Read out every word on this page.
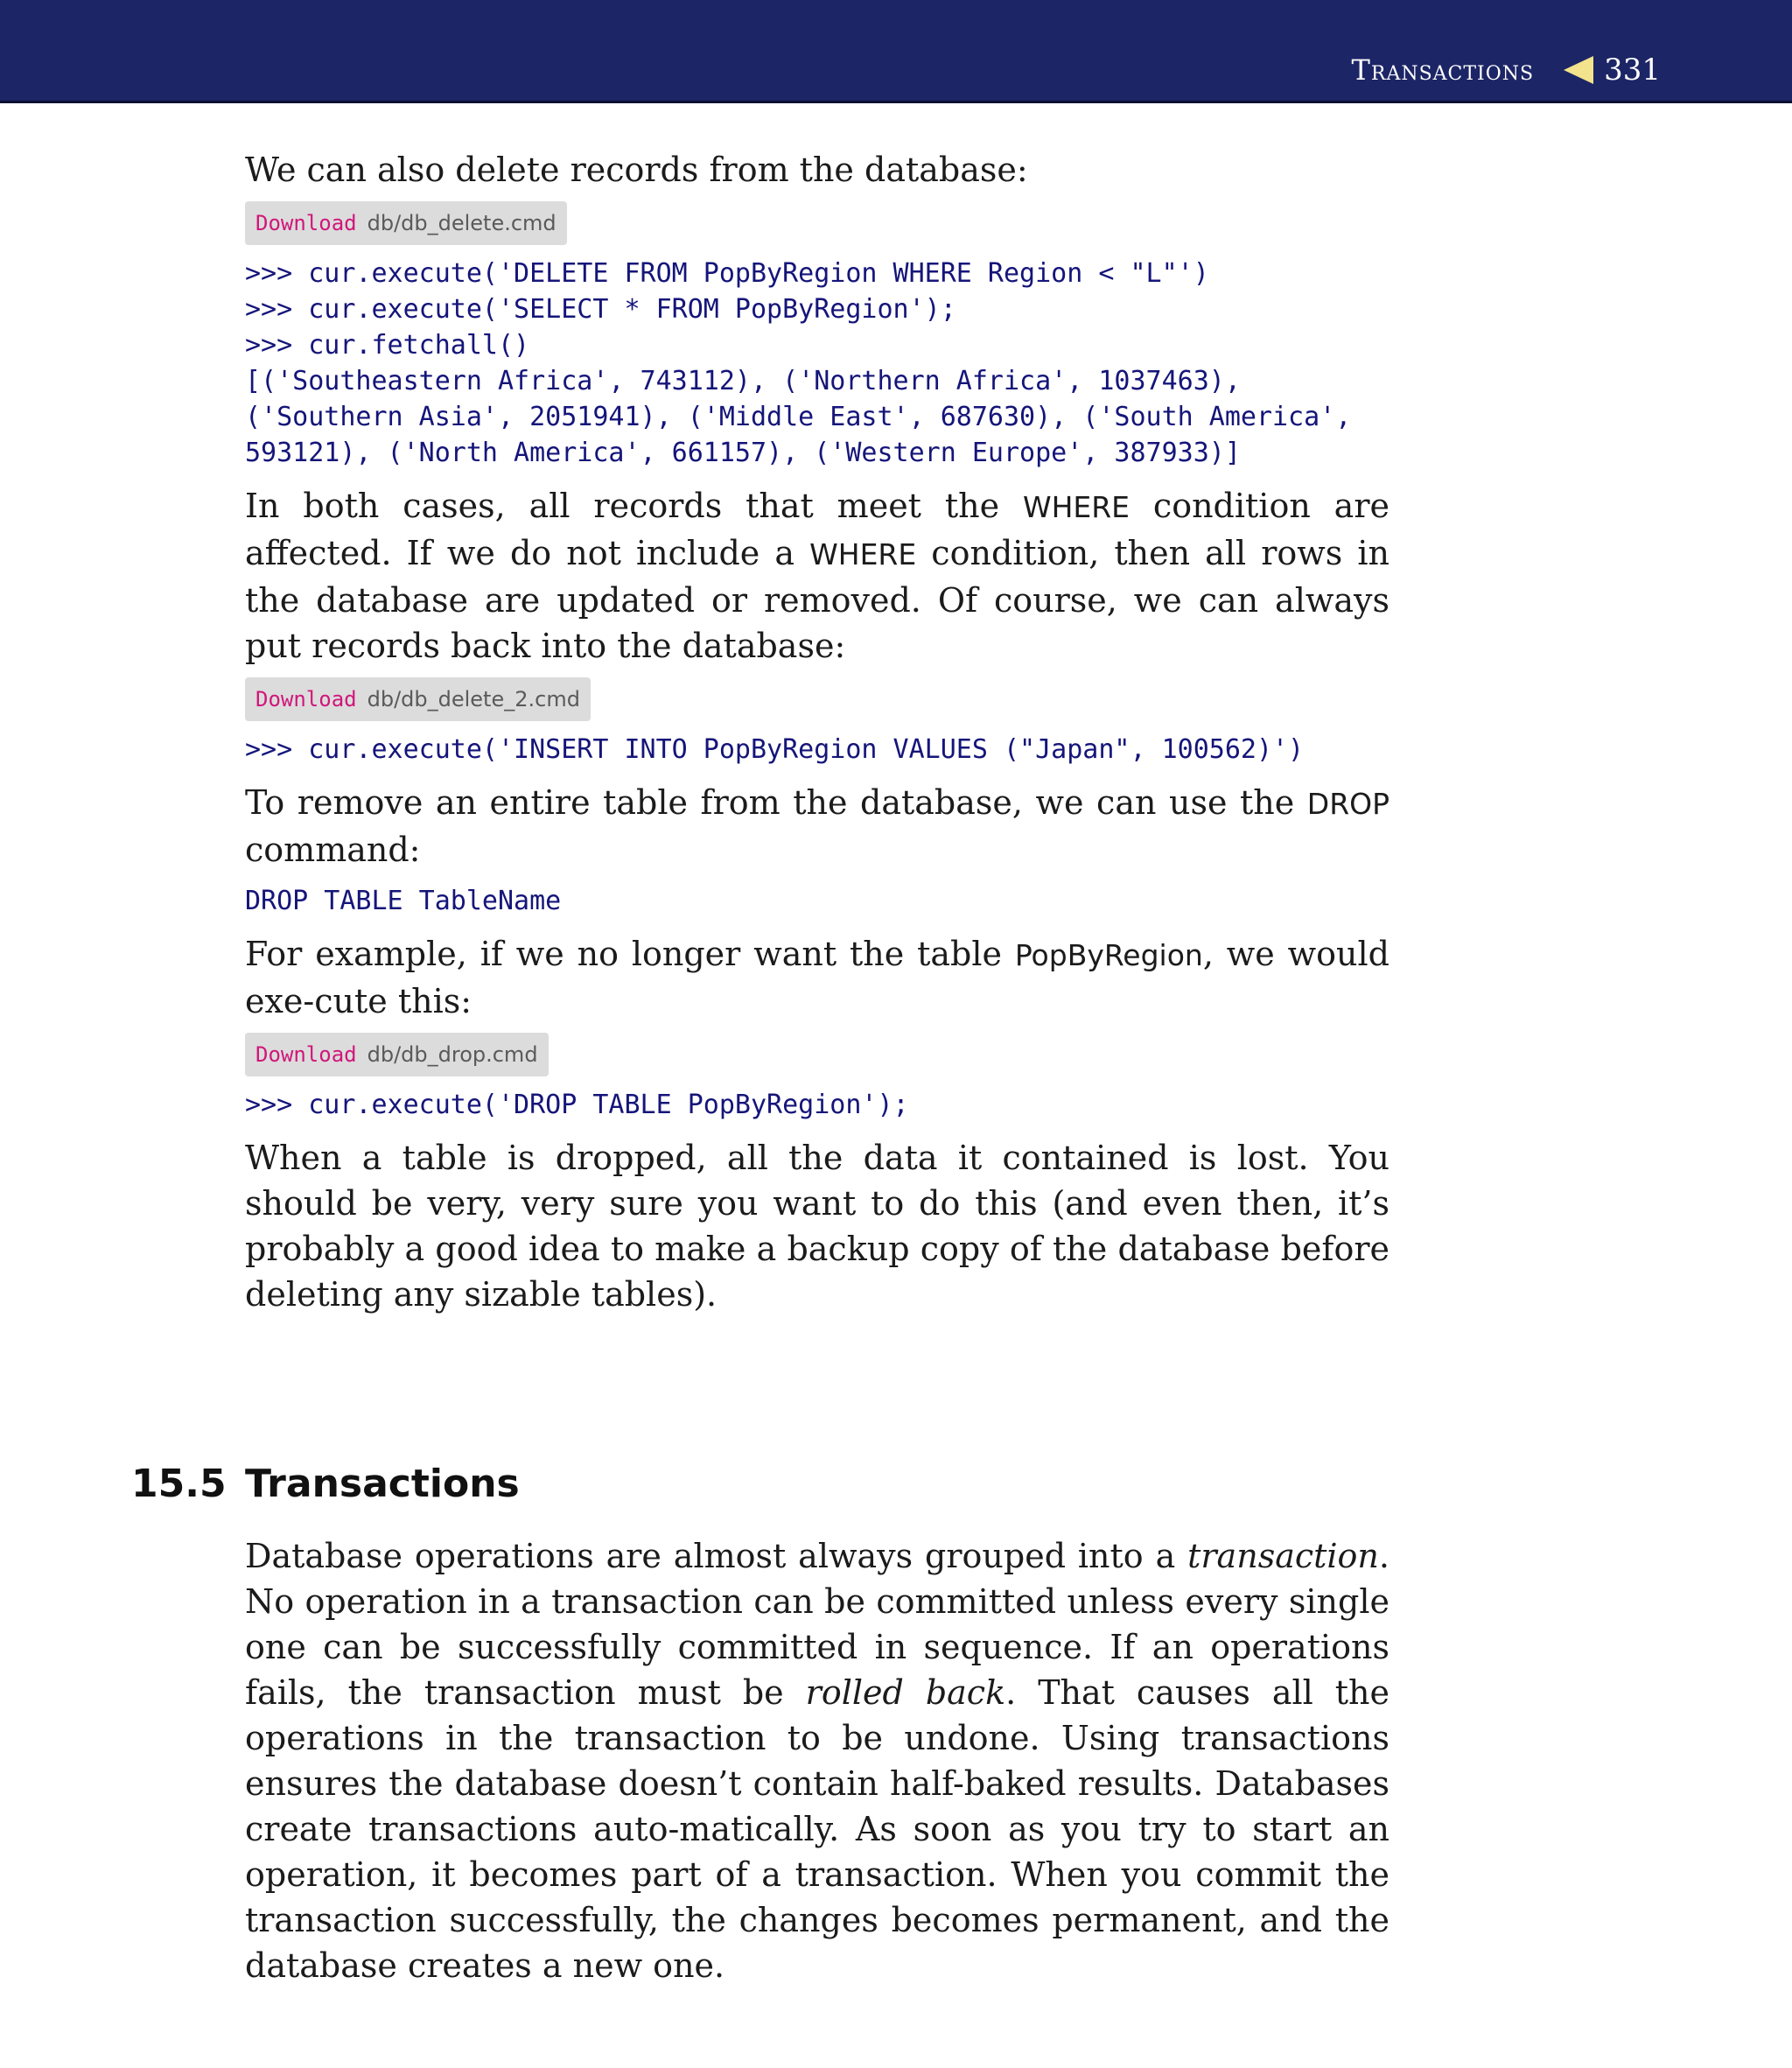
Transactions 331

We can also delete records from the database:

Download db/db_delete.cmd
>>> cur.execute('DELETE FROM PopByRegion WHERE Region < "L"')
>>> cur.execute('SELECT * FROM PopByRegion');
>>> cur.fetchall()
[('Southeastern Africa', 743112), ('Northern Africa', 1037463),
('Southern Asia', 2051941), ('Middle East', 687630), ('South America',
593121), ('North America', 661157), ('Western Europe', 387933)]

In both cases, all records that meet the WHERE condition are affected. If we do not include a WHERE condition, then all rows in the database are updated or removed. Of course, we can always put records back into the database:

Download db/db_delete_2.cmd
>>> cur.execute('INSERT INTO PopByRegion VALUES ("Japan", 100562)')

To remove an entire table from the database, we can use the DROP command:

DROP TABLE TableName

For example, if we no longer want the table PopByRegion, we would exe-cute this:

Download db/db_drop.cmd
>>> cur.execute('DROP TABLE PopByRegion');

When a table is dropped, all the data it contained is lost. You should be very, very sure you want to do this (and even then, it’s probably a good idea to make a backup copy of the database before deleting any sizable tables).

15.5 Transactions

Database operations are almost always grouped into a transaction. No operation in a transaction can be committed unless every single one can be successfully committed in sequence. If an operations fails, the transaction must be rolled back. That causes all the operations in the transaction to be undone. Using transactions ensures the database doesn’t contain half-baked results. Databases create transactions auto-matically. As soon as you try to start an operation, it becomes part of a transaction. When you commit the transaction successfully, the changes becomes permanent, and the database creates a new one.
